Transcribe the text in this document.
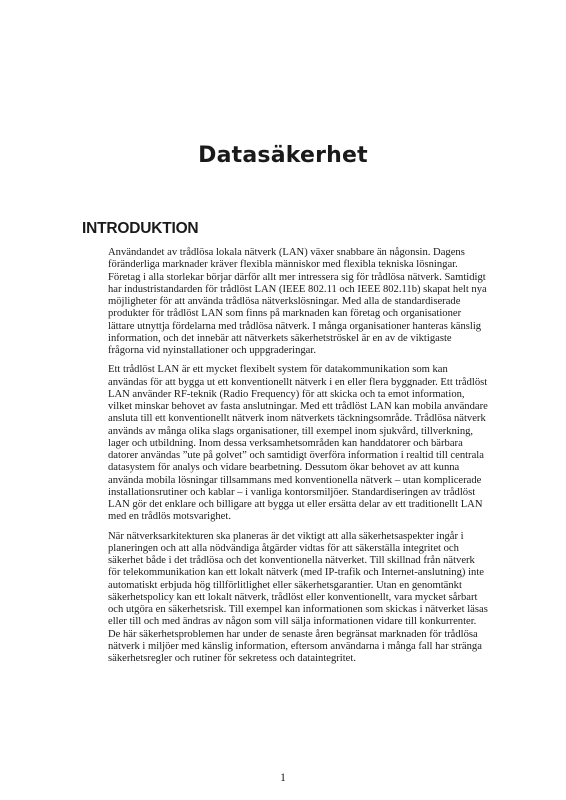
Datasäkerhet
INTRODUKTION

Användandet av trådlösa lokala nätverk (LAN) växer snabbare än någonsin. Dagens föränderliga marknader kräver flexibla människor med flexibla tekniska lösningar. Företag i alla storlekar börjar därför allt mer intressera sig för trådlösa nätverk. Samtidigt har industristandarden för trådlöst LAN (IEEE 802.11 och IEEE 802.11b) skapat helt nya möjligheter för att använda trådlösa nätverkslösningar. Med alla de standardiserade produkter för trådlöst LAN som finns på marknaden kan företag och organisationer lättare utnyttja fördelarna med trådlösa nätverk. I många organisationer hanteras känslig information, och det innebär att nätverkets säkerhetströskel är en av de viktigaste frågorna vid nyinstallationer och uppgraderingar.

Ett trådlöst LAN är ett mycket flexibelt system för datakommunikation som kan användas för att bygga ut ett konventionellt nätverk i en eller flera byggnader. Ett trådlöst LAN använder RF-teknik (Radio Frequency) för att skicka och ta emot information, vilket minskar behovet av fasta anslutningar. Med ett trådlöst LAN kan mobila användare ansluta till ett konventionellt nätverk inom nätverkets täckningsområde. Trådlösa nätverk används av många olika slags organisationer, till exempel inom sjukvård, tillverkning, lager och utbildning. Inom dessa verksamhetsområden kan handdatorer och bärbara datorer användas ”ute på golvet” och samtidigt överföra information i realtid till centrala datasystem för analys och vidare bearbetning. Dessutom ökar behovet av att kunna använda mobila lösningar tillsammans med konventionella nätverk – utan komplicerade installationsrutiner och kablar – i vanliga kontorsmiljöer. Standardiseringen av trådlöst LAN gör det enklare och billigare att bygga ut eller ersätta delar av ett traditionellt LAN med en trådlös motsvarighet.

När nätverksarkitekturen ska planeras är det viktigt att alla säkerhetsaspekter ingår i planeringen och att alla nödvändiga åtgärder vidtas för att säkerställa integritet och säkerhet både i det trådlösa och det konventionella nätverket. Till skillnad från nätverk för telekommunikation kan ett lokalt nätverk (med IP-trafik och Internet-anslutning) inte automatiskt erbjuda hög tillförlitlighet eller säkerhetsgarantier. Utan en genomtänkt säkerhetspolicy kan ett lokalt nätverk, trådlöst eller konventionellt, vara mycket sårbart och utgöra en säkerhetsrisk. Till exempel kan informationen som skickas i nätverket läsas eller till och med ändras av någon som vill sälja informationen vidare till konkurrenter. De här säkerhetsproblemen har under de senaste åren begränsat marknaden för trådlösa nätverk i miljöer med känslig information, eftersom användarna i många fall har stränga säkerhetsregler och rutiner för sekretess och dataintegritet.

1
